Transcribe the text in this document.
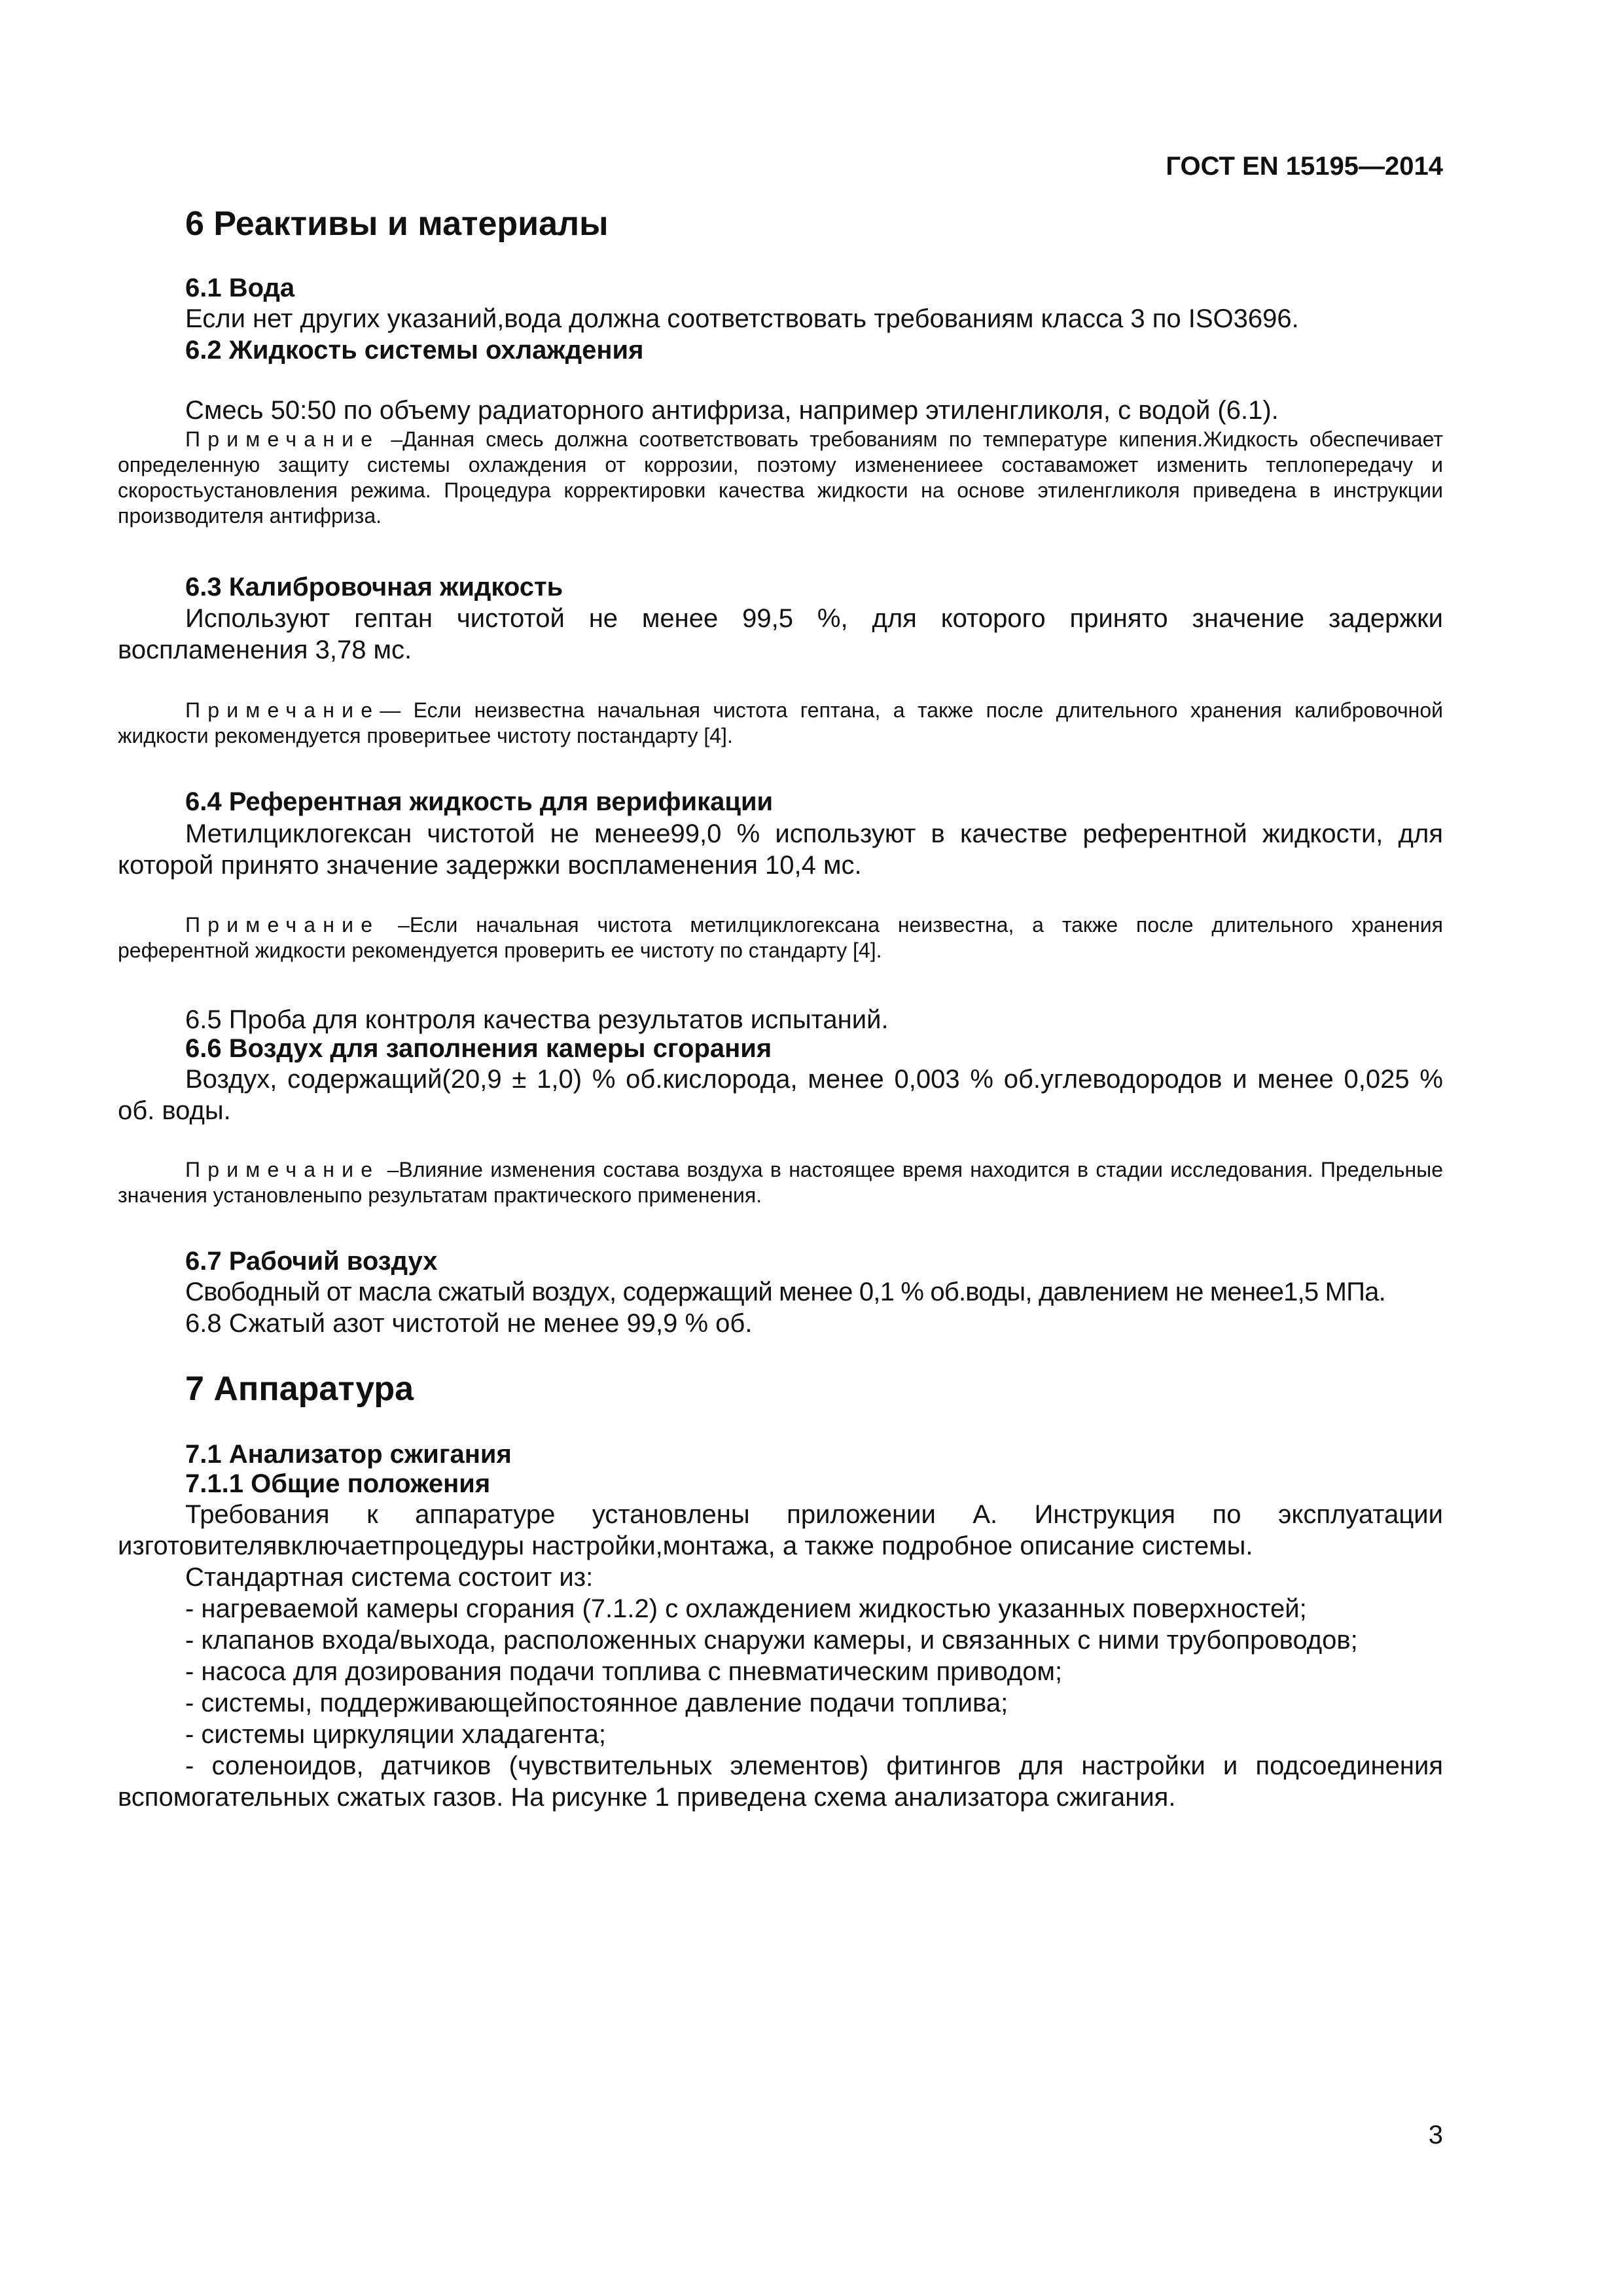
ГОСТ EN 15195—2014
6 Реактивы и материалы
6.1 Вода
Если нет других указаний,вода должна соответствовать требованиям класса 3 по ISO3696.
6.2 Жидкость системы охлаждения
Смесь 50:50 по объему радиаторного антифриза, например этиленгликоля, с водой (6.1).
Примечание –Данная смесь должна соответствовать требованиям по температуре кипения.Жидкость обеспечивает определенную защиту системы охлаждения от коррозии, поэтому изменениеее составаможет изменить теплопередачу и скоростьустановления режима. Процедура корректировки качества жидкости на основе этиленгликоля приведена в инструкции производителя антифриза.
6.3 Калибровочная жидкость
Используют гептан чистотой не менее 99,5 %, для которого принято значение задержки воспламенения 3,78 мс.
Примечание— Если неизвестна начальная чистота гептана, а также после длительного хранения калибровочной жидкости рекомендуется проверитьее чистоту постандарту [4].
6.4 Референтная жидкость для верификации
Метилциклогексан чистотой не менее99,0 % используют в качестве референтной жидкости, для которой принято значение задержки воспламенения 10,4 мс.
Примечание –Если начальная чистота метилциклогексана неизвестна, а также после длительного хранения референтной жидкости рекомендуется проверить ее чистоту по стандарту [4].
6.5 Проба для контроля качества результатов испытаний.
6.6 Воздух для заполнения камеры сгорания
Воздух, содержащий(20,9 ± 1,0) % об.кислорода, менее 0,003 % об.углеводородов и менее 0,025 % об. воды.
Примечание –Влияние изменения состава воздуха в настоящее время находится в стадии исследования. Предельные значения установленыпо результатам практического применения.
6.7 Рабочий воздух
Свободный от масла сжатый воздух, содержащий менее 0,1 % об.воды, давлением не менее1,5 МПа.
6.8 Сжатый азот чистотой не менее 99,9 % об.
7 Аппаратура
7.1 Анализатор сжигания
7.1.1 Общие положения
Требования к аппаратуре установлены приложении А. Инструкция по эксплуатации изготовителявключаетпроцедуры настройки,монтажа, а также подробное описание системы.
Стандартная система состоит из:
- нагреваемой камеры сгорания (7.1.2) с охлаждением жидкостью указанных поверхностей;
- клапанов входа/выхода, расположенных снаружи камеры, и связанных с ними трубопроводов;
- насоса для дозирования подачи топлива с пневматическим приводом;
- системы, поддерживающейпостоянное давление подачи топлива;
- системы циркуляции хладагента;
- соленоидов, датчиков (чувствительных элементов) фитингов для настройки и подсоединения вспомогательных сжатых газов. На рисунке 1 приведена схема анализатора сжигания.
3
